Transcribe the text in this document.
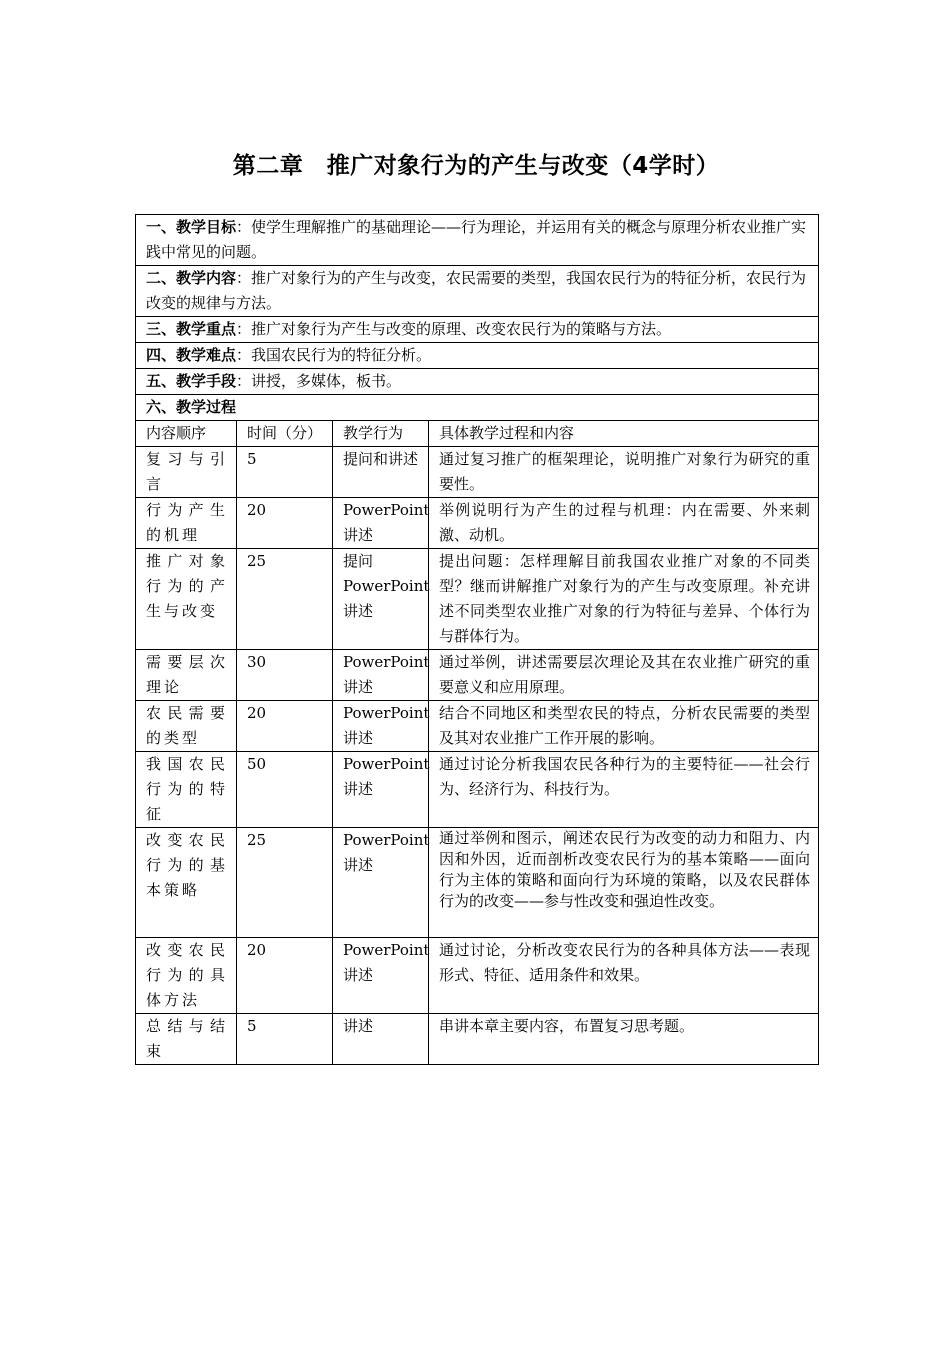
第二章　推广对象行为的产生与改变（4学时）
一、教学目标：使学生理解推广的基础理论——行为理论，并运用有关的概念与原理分析农业推广实践中常见的问题。			
二、教学内容：推广对象行为的产生与改变，农民需要的类型，我国农民行为的特征分析，农民行为改变的规律与方法。			
三、教学重点：推广对象行为产生与改变的原理、改变农民行为的策略与方法。			
四、教学难点：我国农民行为的特征分析。			
五、教学手段：讲授，多媒体，板书。			
六、教学过程			
内容顺序	时间（分）	教学行为	具体教学过程和内容
复习与引言	5	提问和讲述	通过复习推广的框架理论，说明推广对象行为研究的重要性。
行为产生的机理	20	PowerPoint讲述	举例说明行为产生的过程与机理：内在需要、外来刺激、动机。
推广对象行为的产生与改变	25	提问 PowerPoint讲述	提出问题：怎样理解目前我国农业推广对象的不同类型？继而讲解推广对象行为的产生与改变原理。补充讲述不同类型农业推广对象的行为特征与差异、个体行为与群体行为。
需要层次理论	30	PowerPoint讲述	通过举例，讲述需要层次理论及其在农业推广研究的重要意义和应用原理。
农民需要的类型	20	PowerPoint讲述	结合不同地区和类型农民的特点，分析农民需要的类型及其对农业推广工作开展的影响。
我国农民行为的特征	50	PowerPoint讲述	通过讨论分析我国农民各种行为的主要特征——社会行为、经济行为、科技行为。
改变农民行为的基本策略	25	PowerPoint讲述	通过举例和图示，阐述农民行为改变的动力和阻力、内因和外因，近而剖析改变农民行为的基本策略——面向行为主体的策略和面向行为环境的策略，以及农民群体行为的改变——参与性改变和强迫性改变。
改变农民行为的具体方法	20	PowerPoint讲述	通过讨论，分析改变农民行为的各种具体方法——表现形式、特征、适用条件和效果。
总结与结束	5	讲述	串讲本章主要内容，布置复习思考题。
